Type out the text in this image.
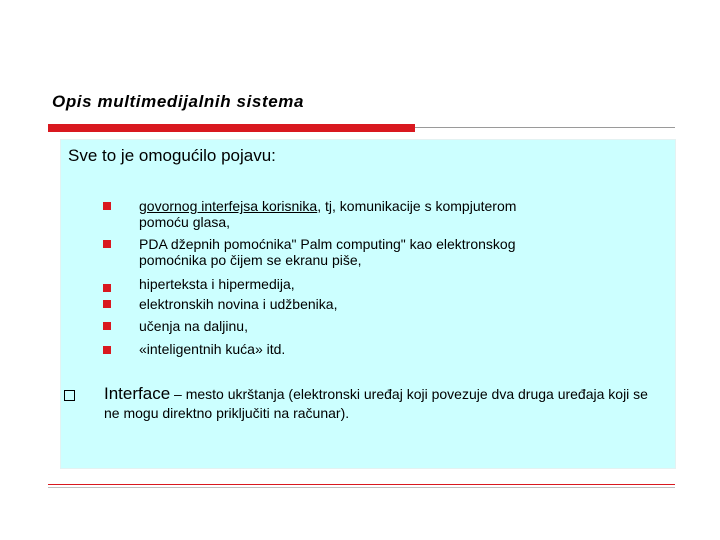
Opis multimedijalnih sistema
Sve to je omogućilo pojavu:
govornog interfejsa korisnika, tj, komunikacije s kompjuterom
pomoću glasa,
PDA džepnih pomoćnika" Palm computing" kao elektronskog
pomoćnika po čijem se ekranu piše,
hiperteksta i hipermedija,
elektronskih novina i udžbenika,
učenja na daljinu,
«inteligentnih kuća» itd.
Interface – mesto ukrštanja (elektronski uređaj koji povezuje dva druga uređaja koji se ne mogu direktno priključiti na računar).
